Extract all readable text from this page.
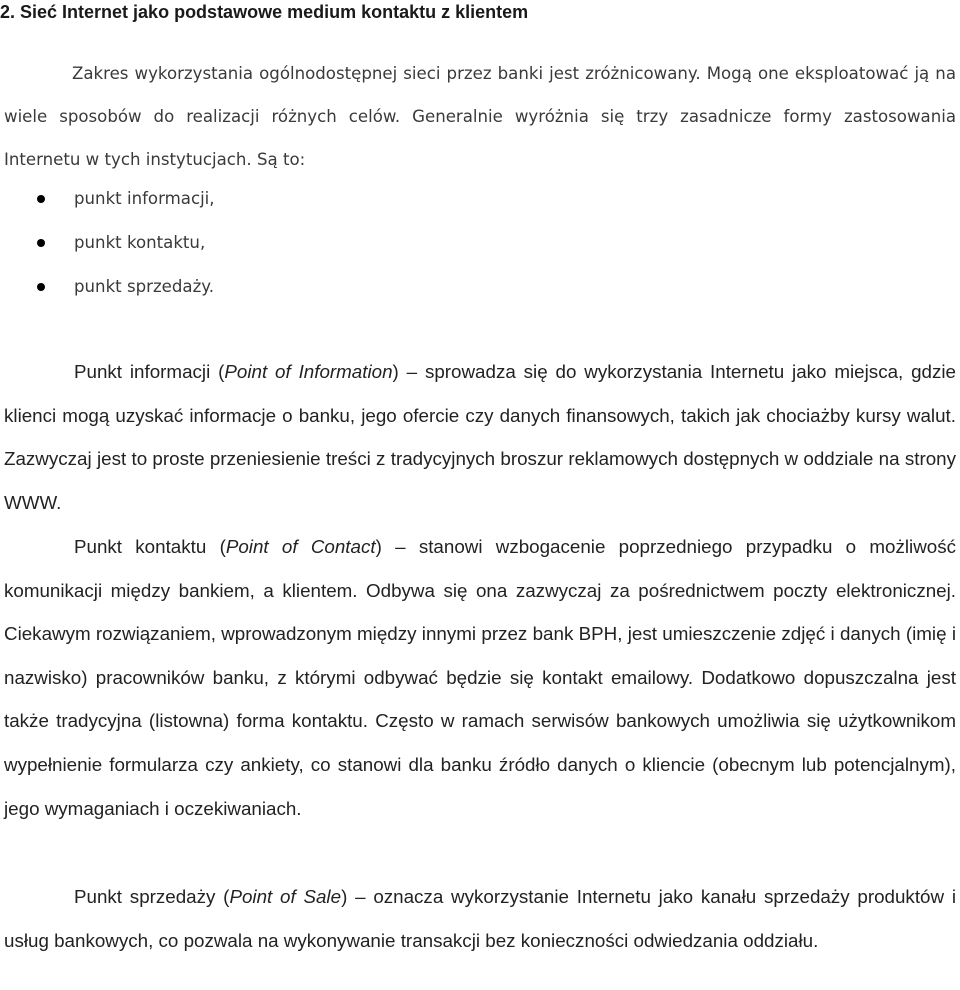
2. Sieć Internet jako podstawowe medium kontaktu z klientem

Zakres wykorzystania ogólnodostępnej sieci przez banki jest zróżnicowany. Mogą one eksploatować ją na wiele sposobów do realizacji różnych celów. Generalnie wyróżnia się trzy zasadnicze formy zastosowania Internetu w tych instytucjach. Są to:

punkt informacji,
punkt kontaktu,
punkt sprzedaży.

Punkt informacji (Point of Information) – sprowadza się do wykorzystania Internetu jako miejsca, gdzie klienci mogą uzyskać informacje o banku, jego ofercie czy danych finansowych, takich jak chociażby kursy walut. Zazwyczaj jest to proste przeniesienie treści z tradycyjnych broszur reklamowych dostępnych w oddziale na strony WWW.

Punkt kontaktu (Point of Contact) – stanowi wzbogacenie poprzedniego przypadku o możliwość komunikacji między bankiem, a klientem. Odbywa się ona zazwyczaj za pośrednictwem poczty elektronicznej. Ciekawym rozwiązaniem, wprowadzonym między innymi przez bank BPH, jest umieszczenie zdjęć i danych (imię i nazwisko) pracowników banku, z którymi odbywać będzie się kontakt emailowy. Dodatkowo dopuszczalna jest także tradycyjna (listowna) forma kontaktu. Często w ramach serwisów bankowych umożliwia się użytkownikom wypełnienie formularza czy ankiety, co stanowi dla banku źródło danych o kliencie (obecnym lub potencjalnym), jego wymaganiach i oczekiwaniach.

Punkt sprzedaży (Point of Sale) – oznacza wykorzystanie Internetu jako kanału sprzedaży produktów i usług bankowych, co pozwala na wykonywanie transakcji bez konieczności odwiedzania oddziału.
